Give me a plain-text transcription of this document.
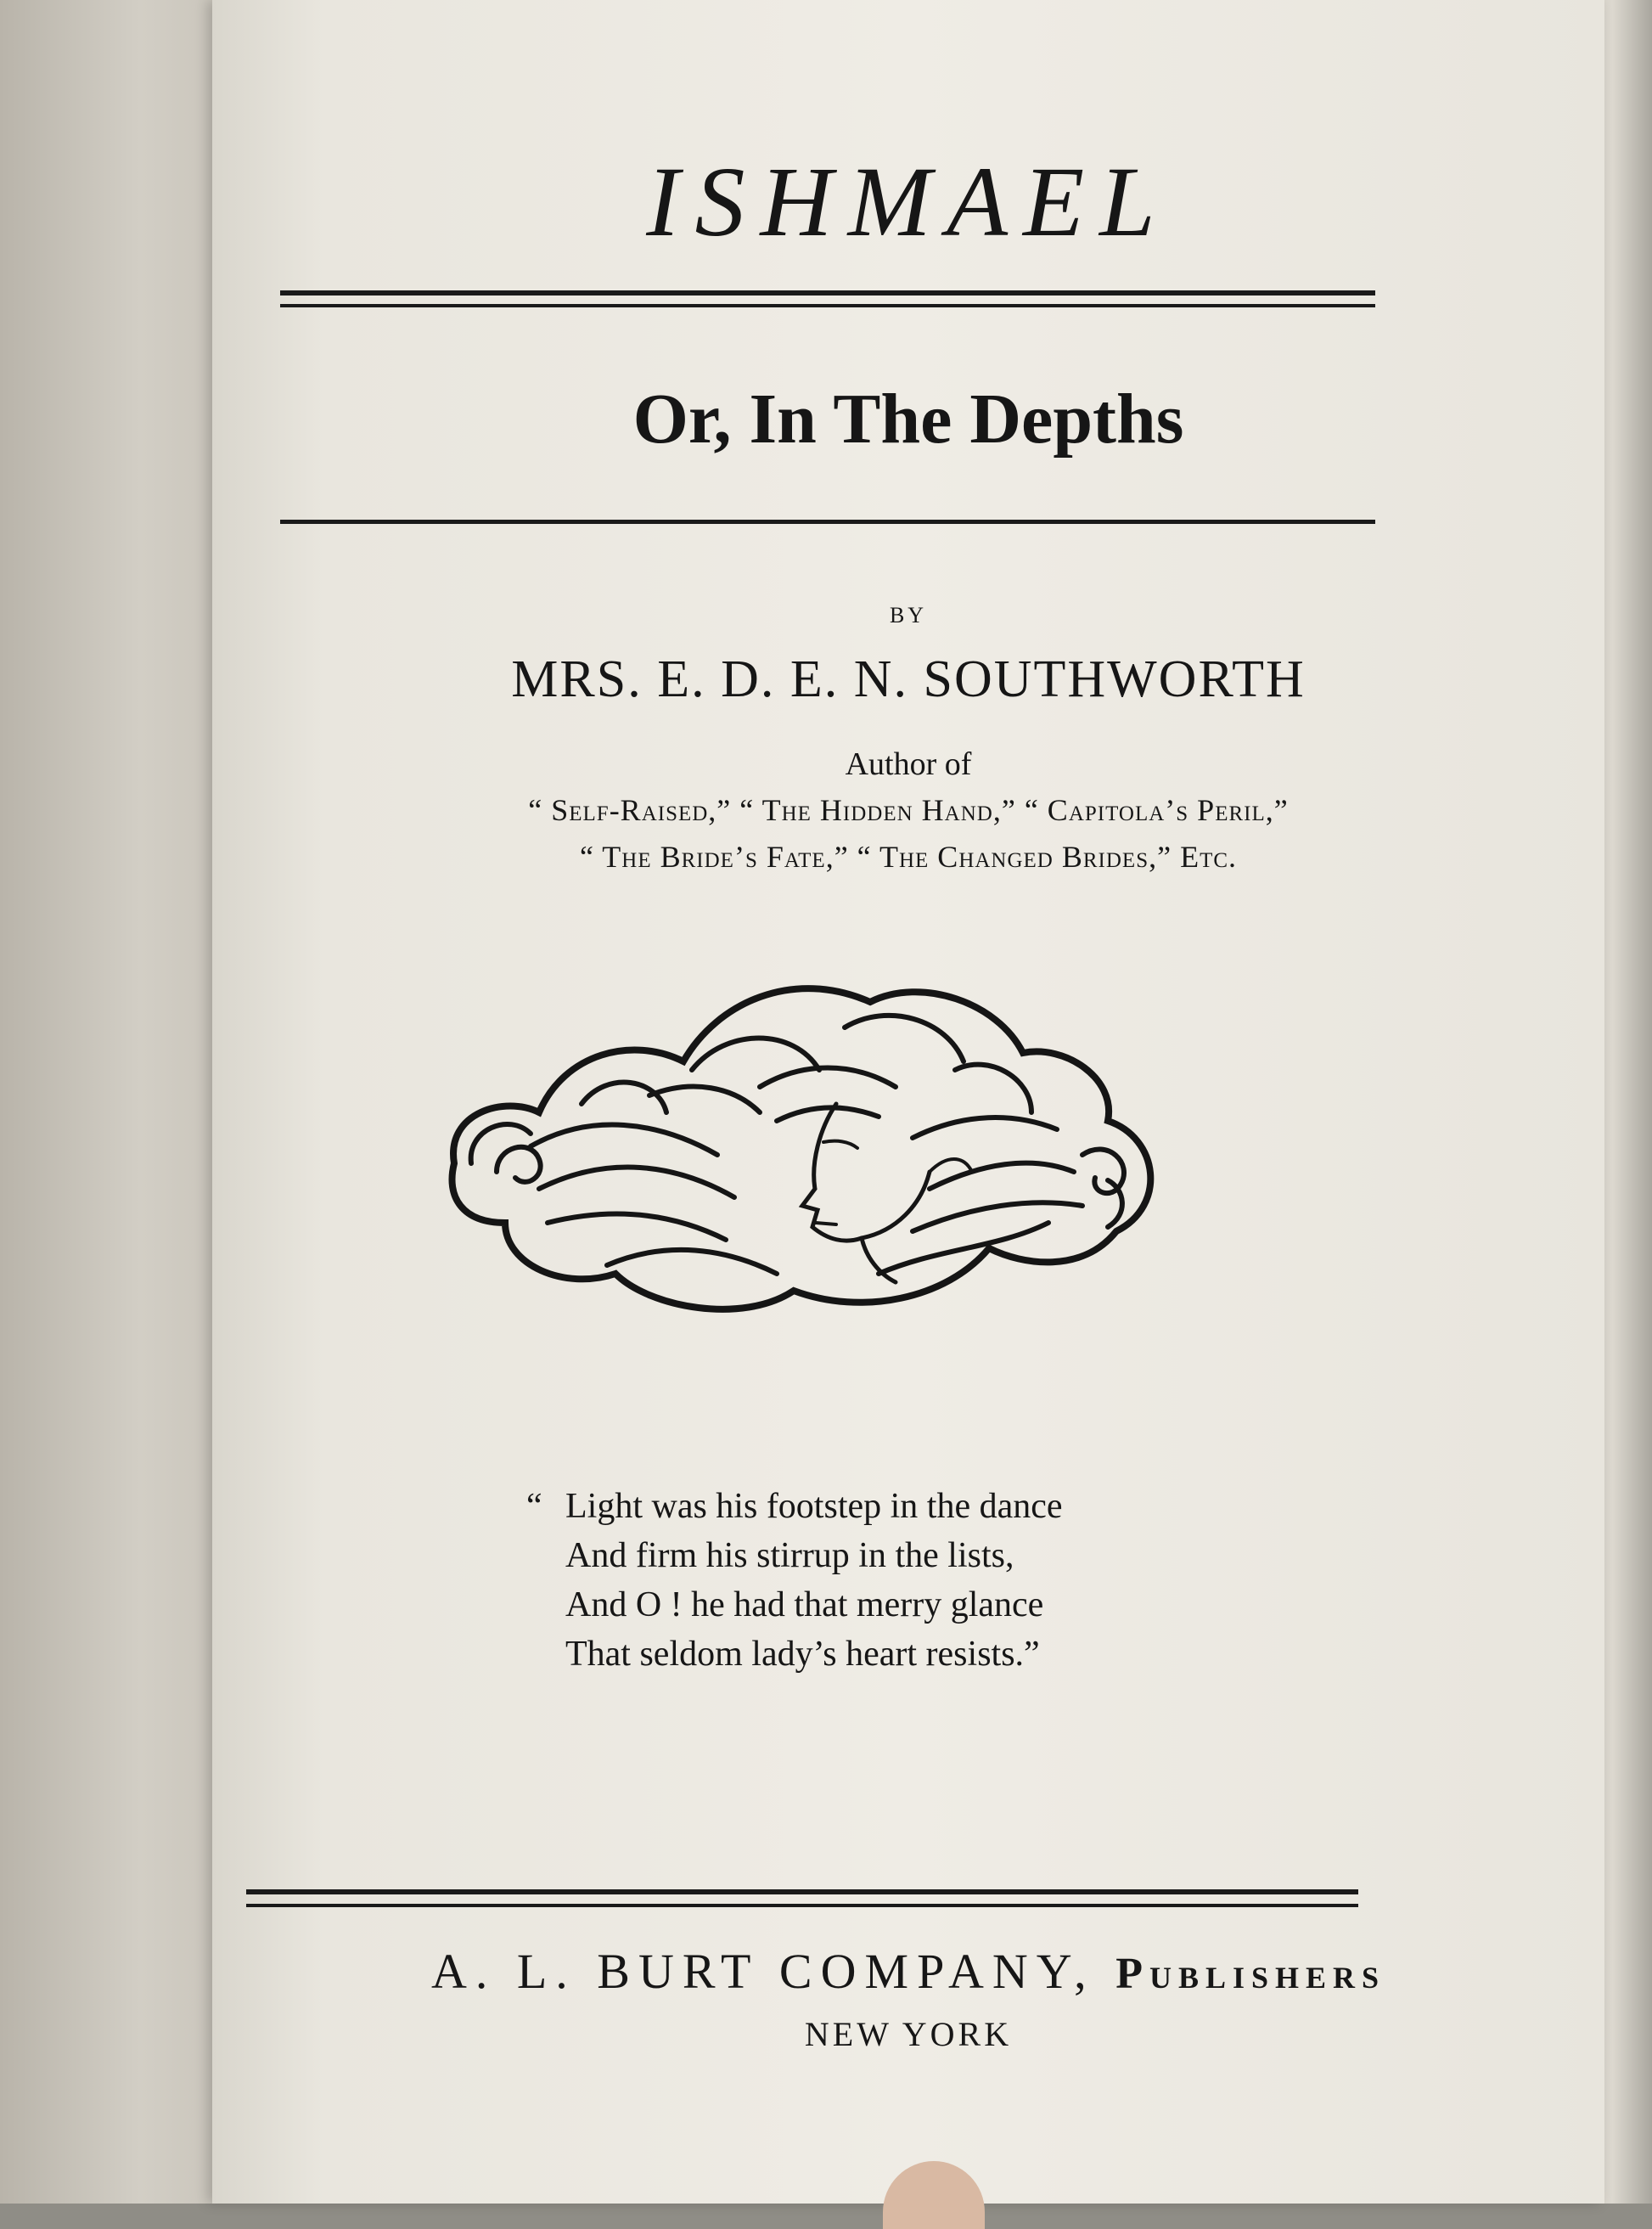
ISHMAEL
Or, In The Depths
BY
MRS. E. D. E. N. SOUTHWORTH
Author of
“ Self-Raised,” “ The Hidden Hand,” “ Capitola’s Peril,”
“ The Bride’s Fate,” “ The Changed Brides,” Etc.
“ Light was his footstep in the dance
And firm his stirrup in the lists,
And O ! he had that merry glance
That seldom lady’s heart resists.”
A. L. BURT COMPANY, Publishers
NEW YORK
